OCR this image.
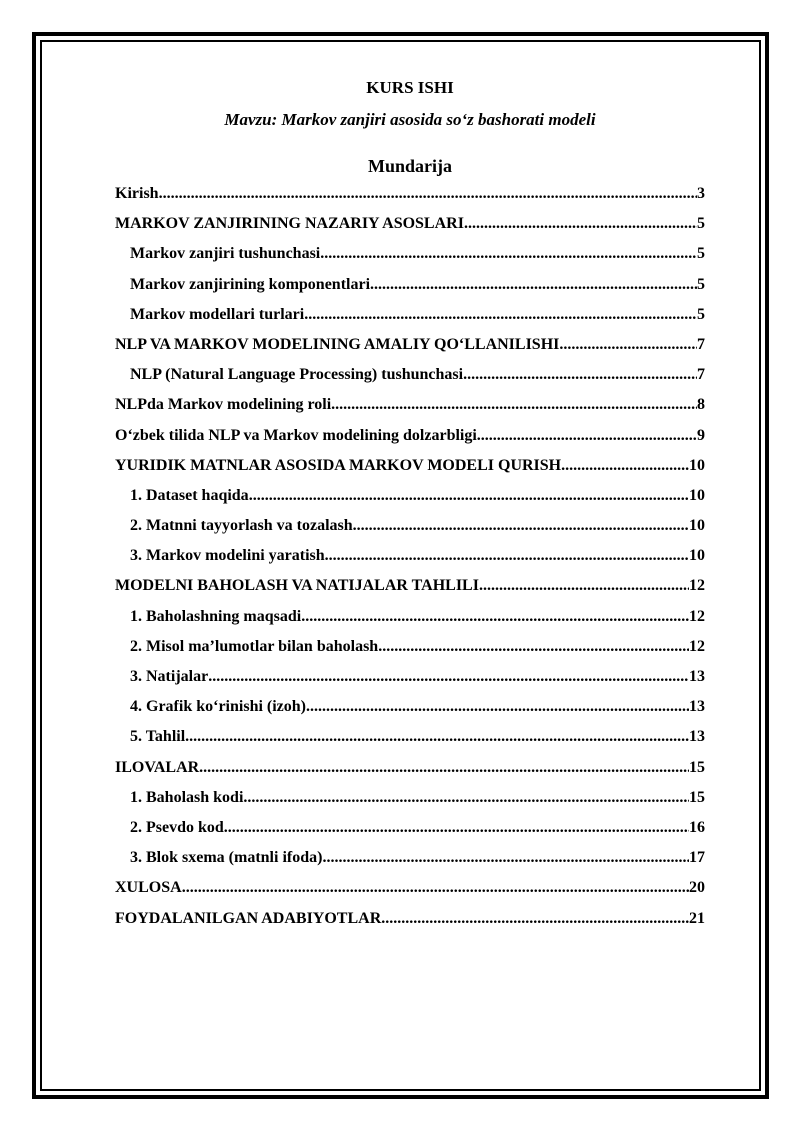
KURS ISHI
Mavzu: Markov zanjiri asosida so‘z bashorati modeli
Mundarija
Kirish .....	3
MARKOV ZANJIRINING NAZARIY ASOSLARI .....	5
Markov zanjiri tushunchasi .....	5
Markov zanjirining komponentlari .....	5
Markov modellari turlari .....	5
NLP VA MARKOV MODELINING AMALIY QO‘LLANILISHI .....	7
NLP (Natural Language Processing) tushunchasi .....	7
NLPda Markov modelining roli .....	8
O‘zbek tilida NLP va Markov modelining dolzarbligi .....	9
YURIDIK MATNLAR ASOSIDA MARKOV MODELI QURISH .....	10
1. Dataset haqida .....	10
2. Matnni tayyorlash va tozalash .....	10
3. Markov modelini yaratish .....	10
MODELNI BAHOLASH VA NATIJALAR TAHLILI .....	12
1. Baholashning maqsadi .....	12
2. Misol ma’lumotlar bilan baholash .....	12
3. Natijalar .....	13
4. Grafik ko‘rinishi (izoh) .....	13
5. Tahlil .....	13
ILOVALAR .....	15
1. Baholash kodi .....	15
2. Psevdo kod .....	16
3. Blok sxema (matnli ifoda) .....	17
XULOSA .....	20
FOYDALANILGAN ADABIYOTLAR .....	21
